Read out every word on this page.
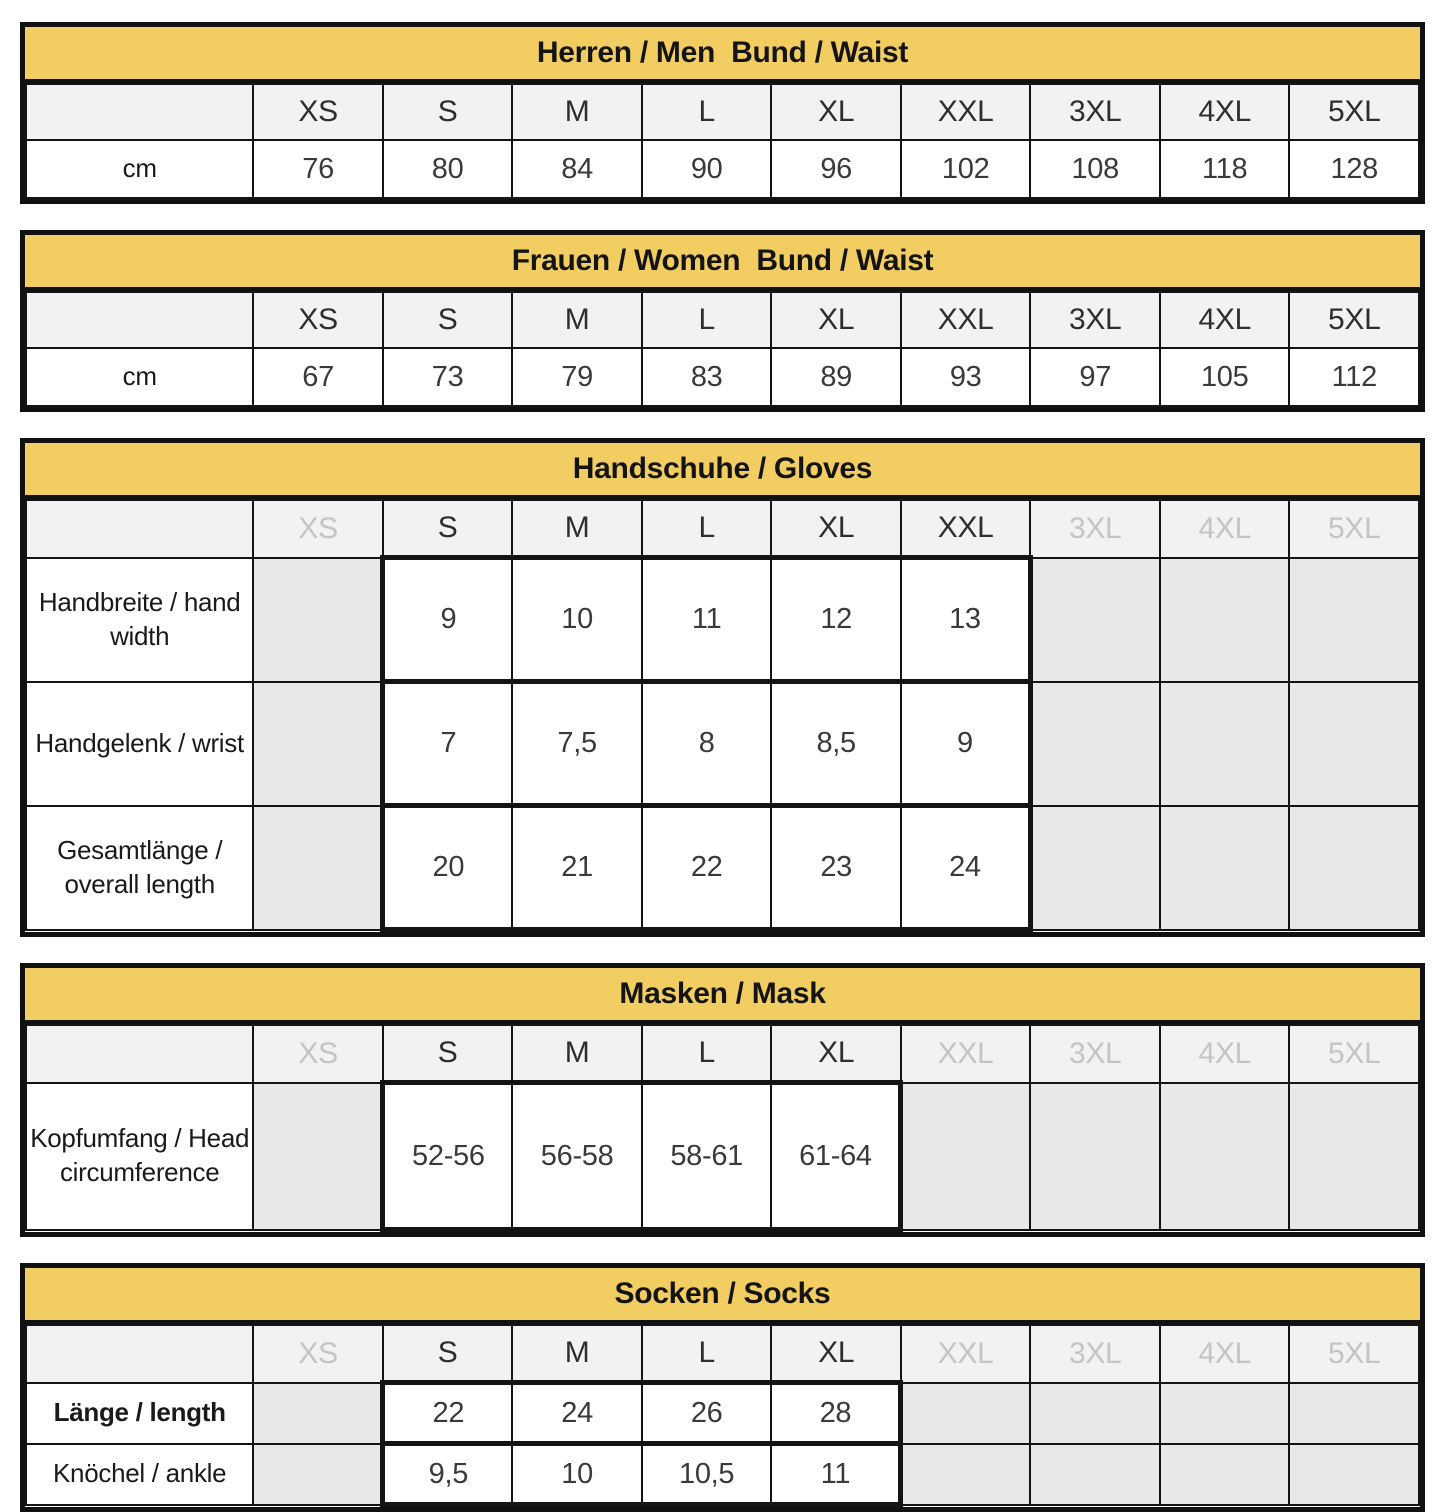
Herren / Men  Bund / Waist
	XS	S	M	L	XL	XXL	3XL	4XL	5XL
cm	76	80	84	90	96	102	108	118	128
Frauen / Women  Bund / Waist
	XS	S	M	L	XL	XXL	3XL	4XL	5XL
cm	67	73	79	83	89	93	97	105	112
Handschuhe / Gloves
	XS	S	M	L	XL	XXL	3XL	4XL	5XL
Handbreite / hand width		9	10	11	12	13			
Handgelenk / wrist		7	7,5	8	8,5	9			
Gesamtlänge / overall length		20	21	22	23	24			
Masken / Mask
	XS	S	M	L	XL	XXL	3XL	4XL	5XL
Kopfumfang / Head circumference		52-56	56-58	58-61	61-64				
Socken / Socks
	XS	S	M	L	XL	XXL	3XL	4XL	5XL
Länge / length		22	24	26	28				
Knöchel / ankle		9,5	10	10,5	11				
